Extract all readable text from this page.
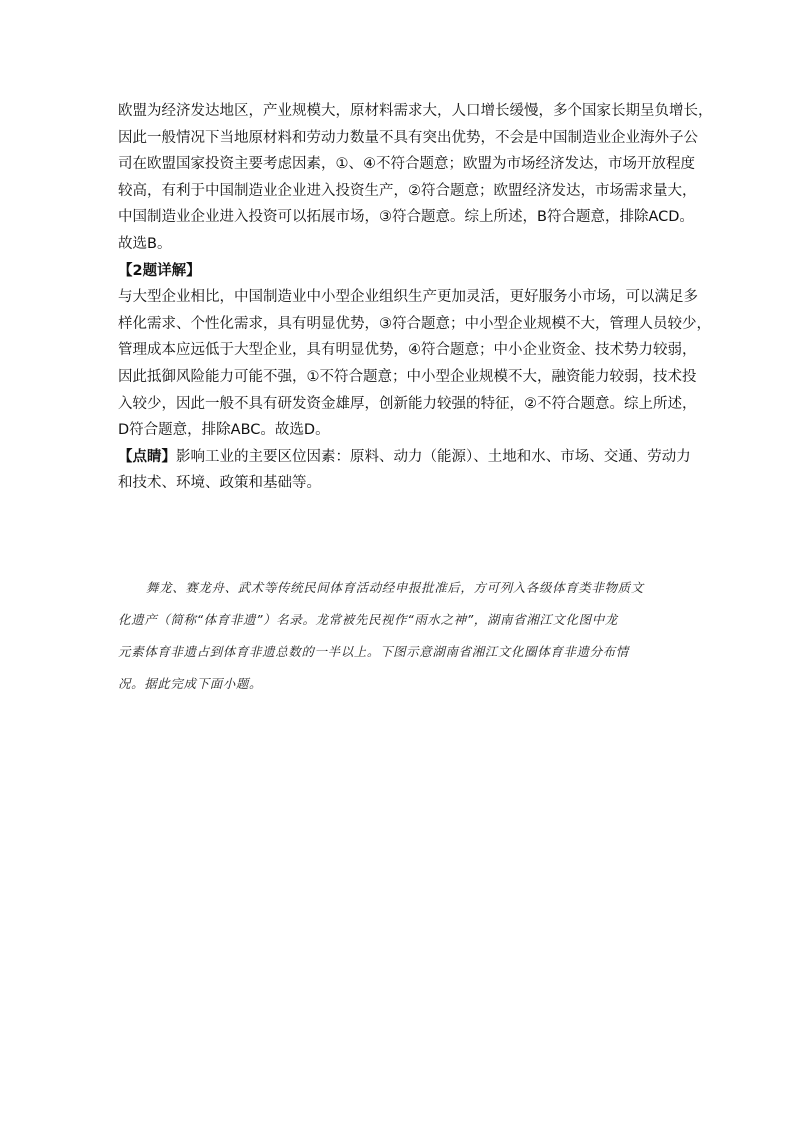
欧盟为经济发达地区，产业规模大，原材料需求大，人口增长缓慢，多个国家长期呈负增长，
因此一般情况下当地原材料和劳动力数量不具有突出优势，不会是中国制造业企业海外子公
司在欧盟国家投资主要考虑因素，①、④不符合题意；欧盟为市场经济发达，市场开放程度
较高，有利于中国制造业企业进入投资生产，②符合题意；欧盟经济发达，市场需求量大，
中国制造业企业进入投资可以拓展市场，③符合题意。综上所述，B符合题意，排除ACD。
故选B。
【2题详解】
与大型企业相比，中国制造业中小型企业组织生产更加灵活，更好服务小市场，可以满足多
样化需求、个性化需求，具有明显优势，③符合题意；中小型企业规模不大，管理人员较少，
管理成本应远低于大型企业，具有明显优势，④符合题意；中小企业资金、技术势力较弱，
因此抵御风险能力可能不强，①不符合题意；中小型企业规模不大，融资能力较弱，技术投
入较少，因此一般不具有研发资金雄厚，创新能力较强的特征，②不符合题意。综上所述，
D符合题意，排除ABC。故选D。
【点睛】影响工业的主要区位因素：原料、动力（能源）、土地和水、市场、交通、劳动力
和技术、环境、政策和基础等。
舞龙、赛龙舟、武术等传统民间体育活动经申报批准后，方可列入各级体育类非物质文
化遗产（简称“体育非遗”）名录。龙常被先民视作“雨水之神”，湖南省湘江文化图中龙
元素体育非遗占到体育非遗总数的一半以上。下图示意湖南省湘江文化圈体育非遗分布情
况。据此完成下面小题。
